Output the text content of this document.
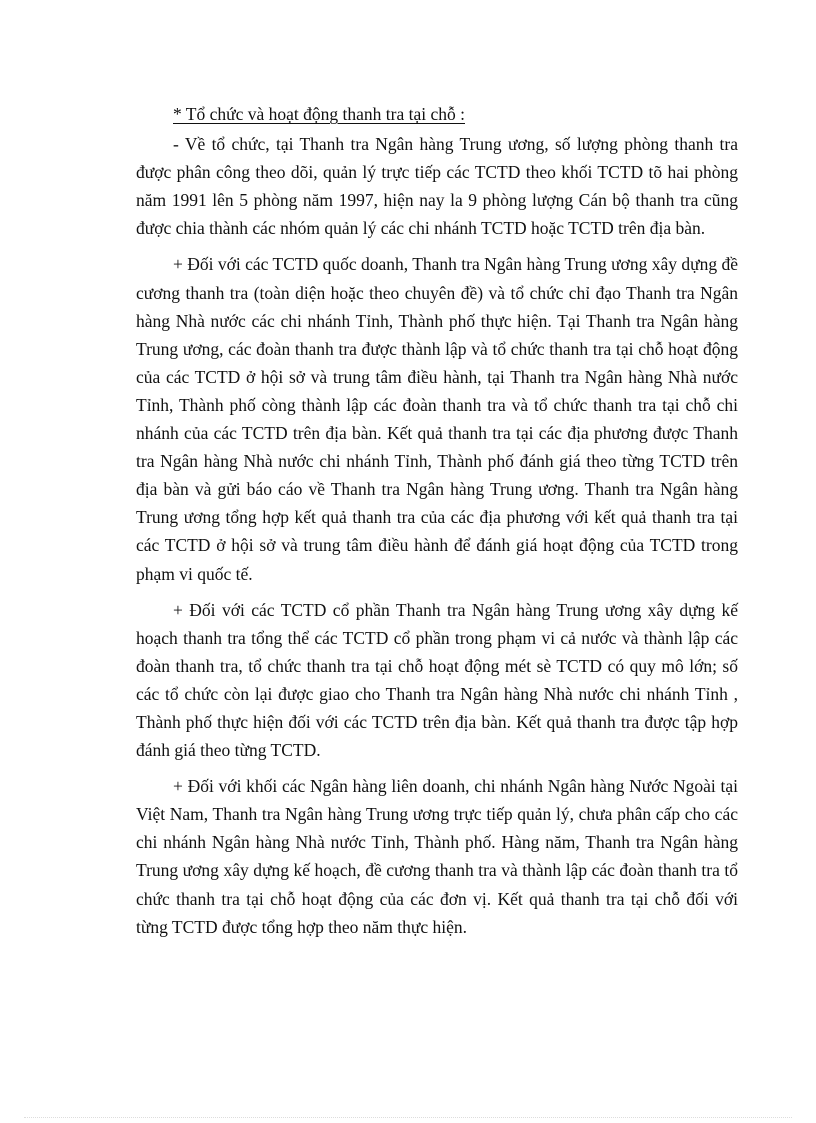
* Tổ chức và hoạt động thanh tra tại chỗ :

- Về tổ chức, tại Thanh tra Ngân hàng Trung ương, số lượng phòng thanh tra được phân công theo dõi, quản lý trực tiếp các TCTD theo khối TCTD tõ hai phòng năm 1991 lên 5 phòng năm 1997, hiện nay la 9 phòng lượng Cán bộ thanh tra cũng được chia thành các nhóm quản lý các chi nhánh TCTD hoặc TCTD trên địa bàn.

+ Đối với các TCTD quốc doanh, Thanh tra Ngân hàng Trung ương xây dựng đề cương thanh tra (toàn diện hoặc theo chuyên đề) và tổ chức chỉ đạo Thanh tra Ngân hàng Nhà nước các chi nhánh Tỉnh, Thành phố thực hiện. Tại Thanh tra Ngân hàng Trung ương, các đoàn thanh tra được thành lập và tổ chức thanh tra tại chỗ hoạt động của các TCTD ở hội sở và trung tâm điều hành, tại Thanh tra Ngân hàng Nhà nước Tỉnh, Thành phố còng thành lập các đoàn thanh tra và tổ chức thanh tra tại chỗ chi nhánh của các TCTD trên địa bàn. Kết quả thanh tra tại các địa phương được Thanh tra Ngân hàng Nhà nước chi nhánh Tỉnh, Thành phố đánh giá theo từng TCTD trên địa bàn và gửi báo cáo về Thanh tra Ngân hàng Trung ương. Thanh tra Ngân hàng Trung ương tổng hợp kết quả thanh tra của các địa phương với kết quả thanh tra tại các TCTD ở hội sở và trung tâm điều hành để đánh giá hoạt động của TCTD trong phạm vi quốc tế.

+ Đối với các TCTD cổ phần Thanh tra Ngân hàng Trung ương xây dựng kế hoạch thanh tra tổng thể các TCTD cổ phần trong phạm vi cả nước và thành lập các đoàn thanh tra, tổ chức thanh tra tại chỗ hoạt động mét sè TCTD có quy mô lớn; số các tổ chức còn lại được giao cho Thanh tra Ngân hàng Nhà nước chi nhánh Tỉnh , Thành phố thực hiện đối với các TCTD trên địa bàn. Kết quả thanh tra được tập hợp đánh giá theo từng TCTD.

+ Đối với khối các Ngân hàng liên doanh, chi nhánh Ngân hàng Nước Ngoài tại Việt Nam, Thanh tra Ngân hàng Trung ương trực tiếp quản lý, chưa phân cấp cho các chi nhánh Ngân hàng Nhà nước Tỉnh, Thành phố. Hàng năm, Thanh tra Ngân hàng Trung ương xây dựng kế hoạch, đề cương thanh tra và thành lập các đoàn thanh tra tổ chức thanh tra tại chỗ hoạt động của các đơn vị. Kết quả thanh tra tại chỗ đối với từng TCTD được tổng hợp theo năm thực hiện.
